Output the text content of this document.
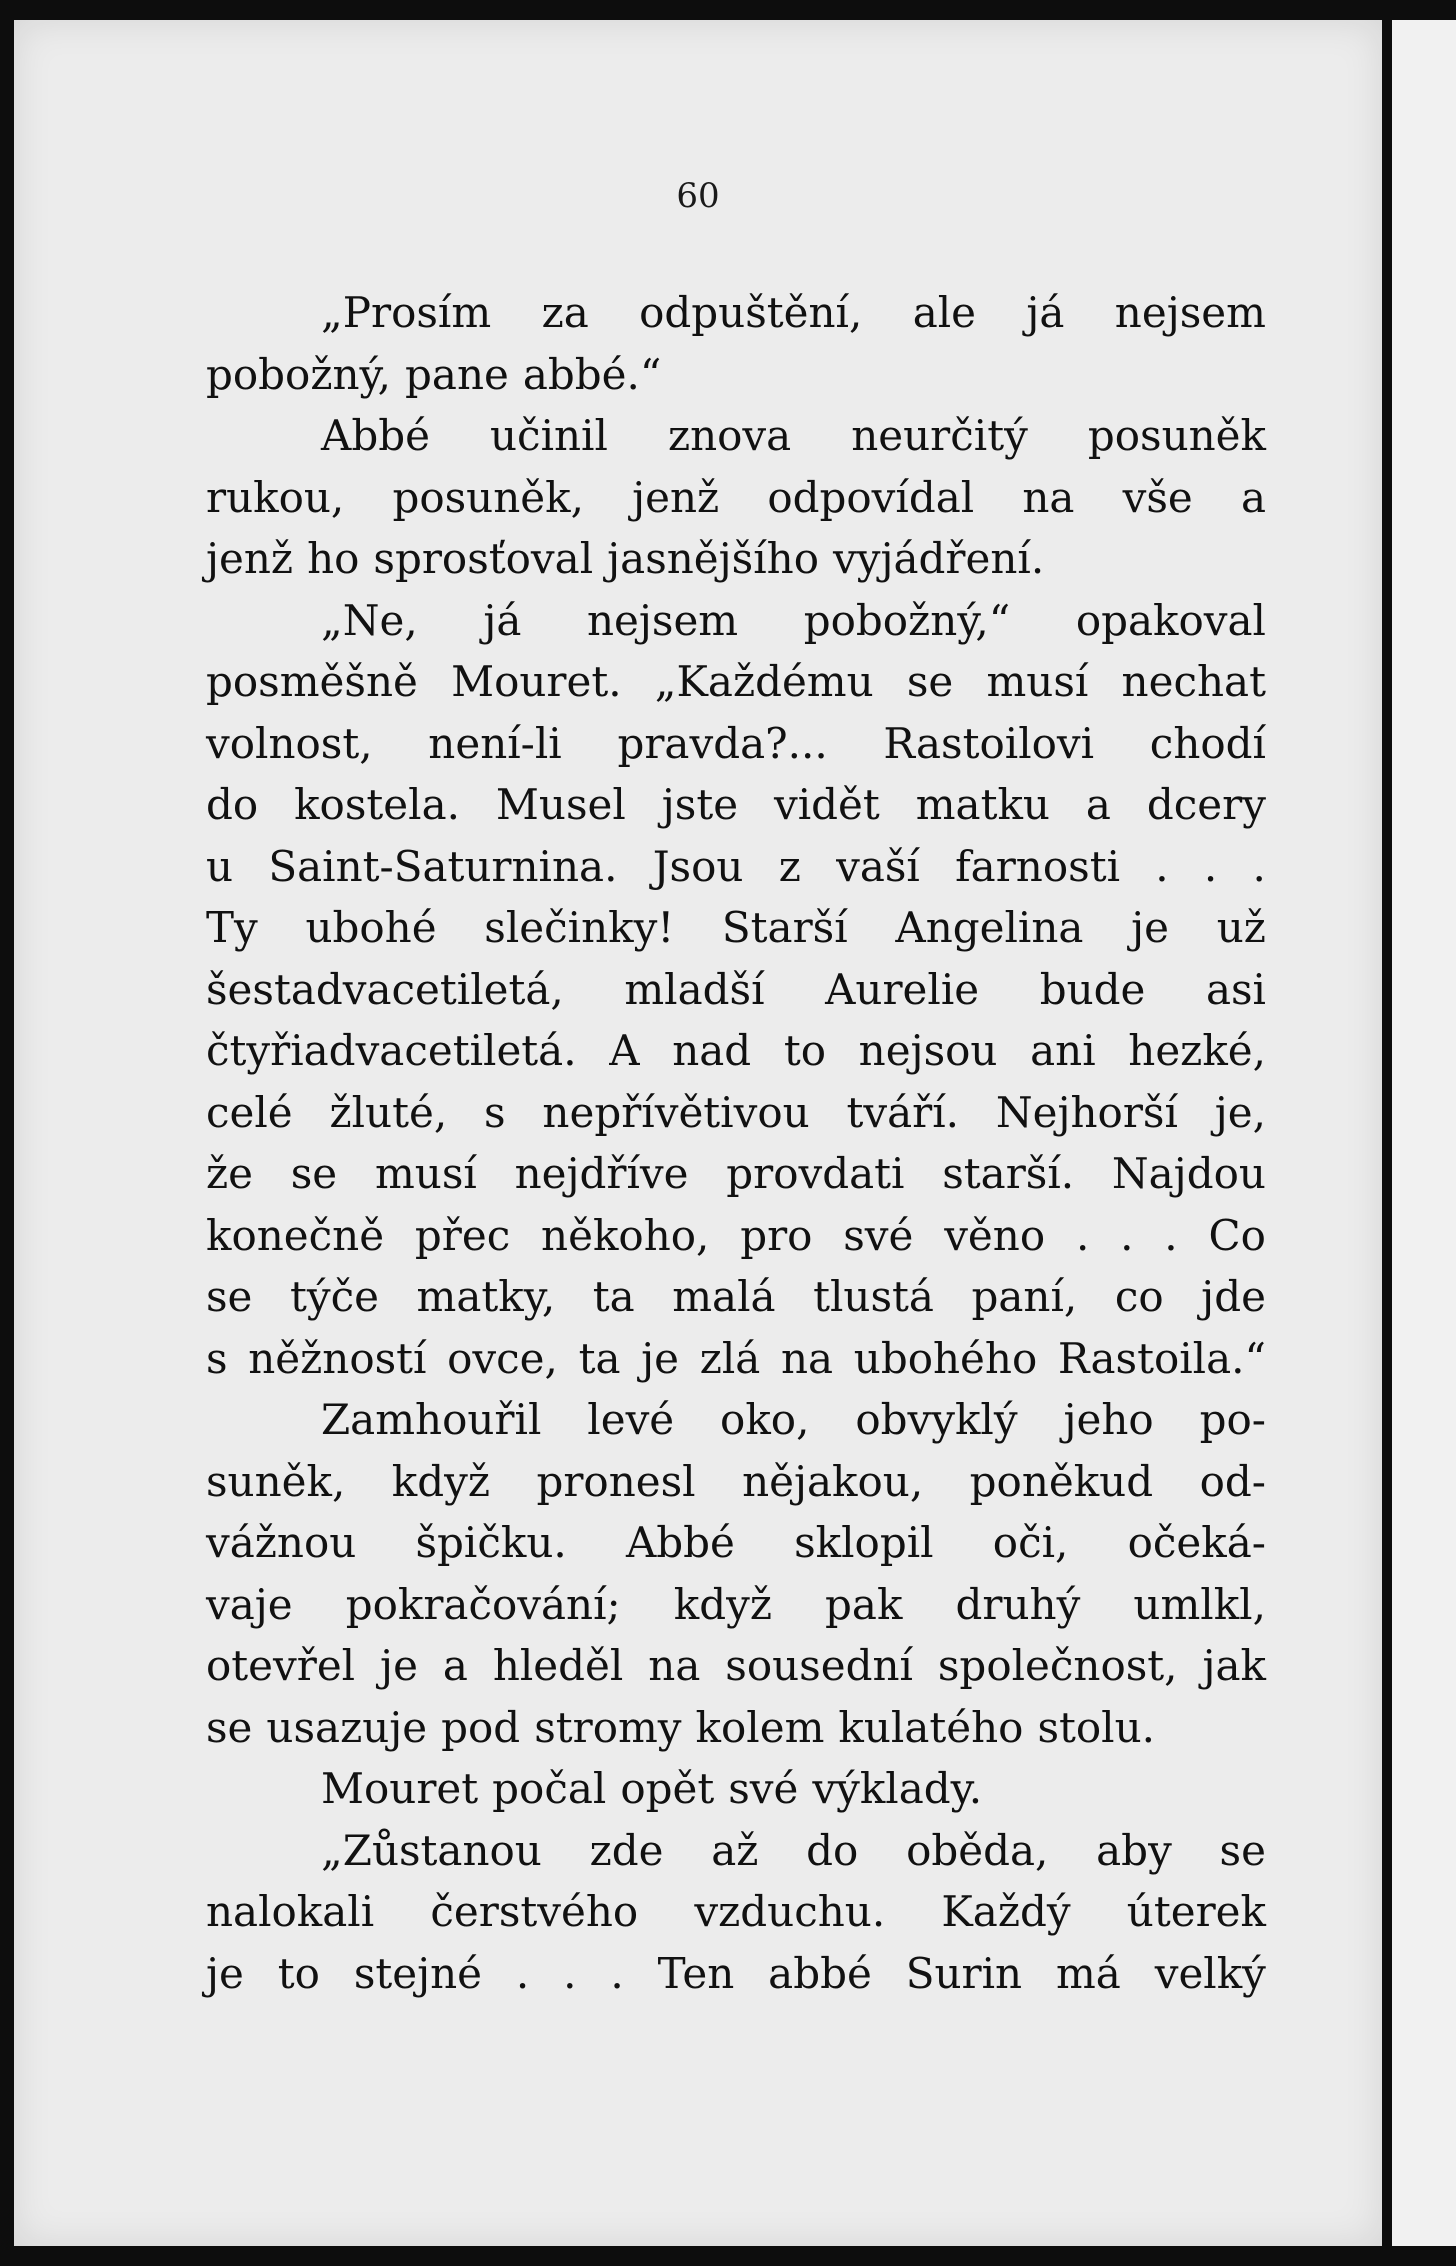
60
„Prosím za odpuštění, ale já nejsem
pobožný, pane abbé.“
Abbé učinil znova neurčitý posuněk
rukou, posuněk, jenž odpovídal na vše a
jenž ho sprosťoval jasnějšího vyjádření.
„Ne, já nejsem pobožný,“ opakoval
posměšně Mouret. „Každému se musí nechat
volnost, není-li pravda?... Rastoilovi chodí
do kostela. Musel jste vidět matku a dcery
u Saint-Saturnina. Jsou z vaší farnosti . . .
Ty ubohé slečinky! Starší Angelina je už
šestadvacetiletá, mladší Aurelie bude asi
čtyřiadvacetiletá. A nad to nejsou ani hezké,
celé žluté, s nepřívětivou tváří. Nejhorší je,
že se musí nejdříve provdati starší. Najdou
konečně přec někoho, pro své věno . . . Co
se týče matky, ta malá tlustá paní, co jde
s něžností ovce, ta je zlá na ubohého Rastoila.“
Zamhouřil levé oko, obvyklý jeho po-
suněk, když pronesl nějakou, poněkud od-
vážnou špičku. Abbé sklopil oči, očeká-
vaje pokračování; když pak druhý umlkl,
otevřel je a hleděl na sousední společnost, jak
se usazuje pod stromy kolem kulatého stolu.
Mouret počal opět své výklady.
„Zůstanou zde až do oběda, aby se
nalokali čerstvého vzduchu. Každý úterek
je to stejné . . . Ten abbé Surin má velký
